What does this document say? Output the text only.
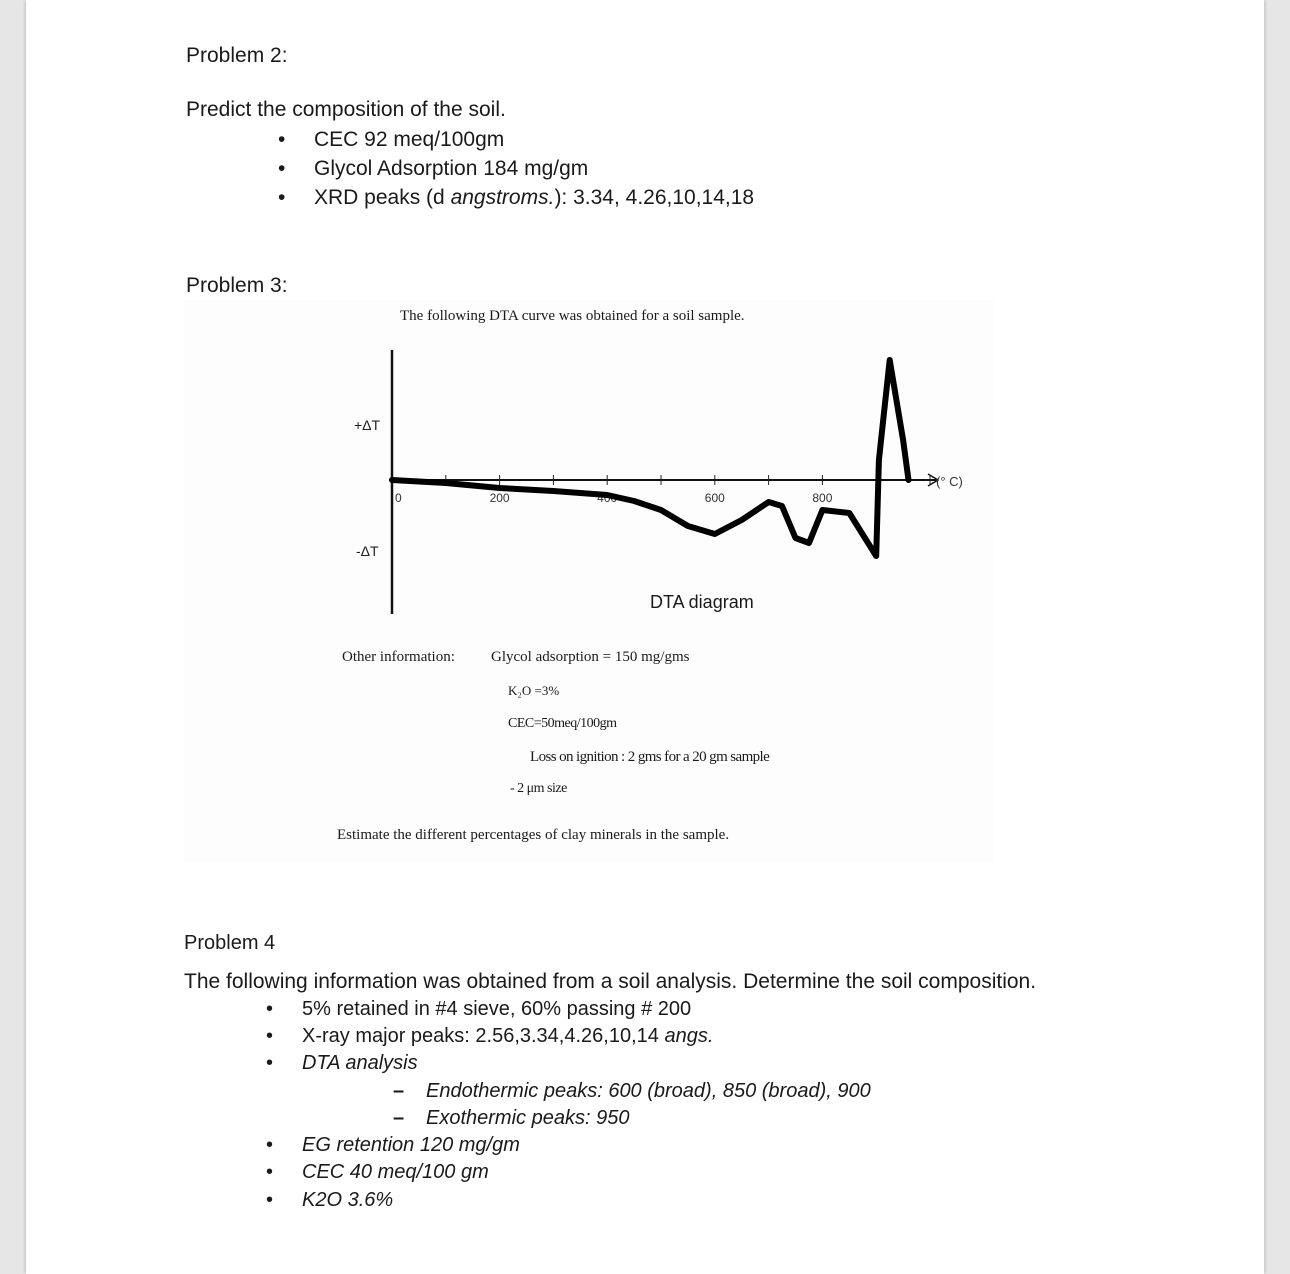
Problem 2:
Predict the composition of the soil.
• CEC 92 meq/100gm
• Glycol Adsorption 184 mg/gm
• XRD peaks (d angstroms.): 3.34, 4.26,10,14,18
Problem 3:
The following DTA curve was obtained for a soil sample.
0	200	400	600	800
+ΔT
-ΔT
(° C)
DTA diagram
Other information: Glycol adsorption = 150 mg/gms
K₂O =3%
CEC=50meq/100gm
Loss on ignition : 2 gms for a 20 gm sample
- 2 μm size
Estimate the different percentages of clay minerals in the sample.
Problem 4
The following information was obtained from a soil analysis. Determine the soil composition.
• 5% retained in #4 sieve, 60% passing # 200
• X-ray major peaks: 2.56,3.34,4.26,10,14 angs.
• DTA analysis
– Endothermic peaks: 600 (broad), 850 (broad), 900
– Exothermic peaks: 950
• EG retention 120 mg/gm
• CEC 40 meq/100 gm
• K2O 3.6%
